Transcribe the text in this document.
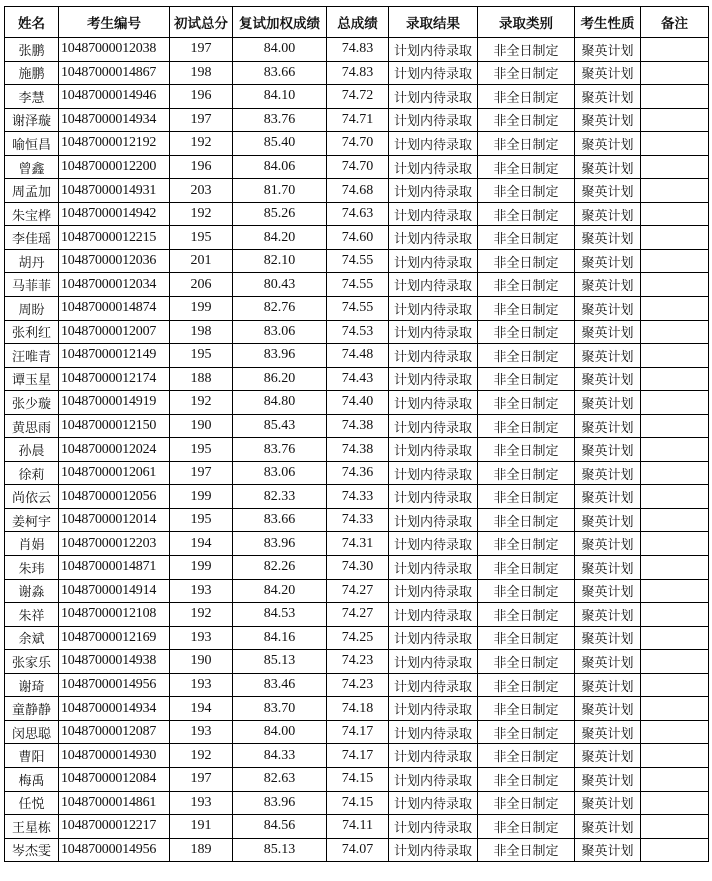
姓名	考生编号	初试总分	复试加权成绩	总成绩	录取结果	录取类别	考生性质	备注
张鹏	10487000012038	197	84.00	74.83	计划内待录取	非全日制定	聚英计划	
施鹏	10487000014867	198	83.66	74.83	计划内待录取	非全日制定	聚英计划	
李慧	10487000014946	196	84.10	74.72	计划内待录取	非全日制定	聚英计划	
谢泽璇	10487000014934	197	83.76	74.71	计划内待录取	非全日制定	聚英计划	
喻恒昌	10487000012192	192	85.40	74.70	计划内待录取	非全日制定	聚英计划	
曾鑫	10487000012200	196	84.06	74.70	计划内待录取	非全日制定	聚英计划	
周孟加	10487000014931	203	81.70	74.68	计划内待录取	非全日制定	聚英计划	
朱宝桦	10487000014942	192	85.26	74.63	计划内待录取	非全日制定	聚英计划	
李佳瑶	10487000012215	195	84.20	74.60	计划内待录取	非全日制定	聚英计划	
胡丹	10487000012036	201	82.10	74.55	计划内待录取	非全日制定	聚英计划	
马菲菲	10487000012034	206	80.43	74.55	计划内待录取	非全日制定	聚英计划	
周盼	10487000014874	199	82.76	74.55	计划内待录取	非全日制定	聚英计划	
张利红	10487000012007	198	83.06	74.53	计划内待录取	非全日制定	聚英计划	
汪唯青	10487000012149	195	83.96	74.48	计划内待录取	非全日制定	聚英计划	
谭玉星	10487000012174	188	86.20	74.43	计划内待录取	非全日制定	聚英计划	
张少璇	10487000014919	192	84.80	74.40	计划内待录取	非全日制定	聚英计划	
黄思雨	10487000012150	190	85.43	74.38	计划内待录取	非全日制定	聚英计划	
孙晨	10487000012024	195	83.76	74.38	计划内待录取	非全日制定	聚英计划	
徐莉	10487000012061	197	83.06	74.36	计划内待录取	非全日制定	聚英计划	
尚依云	10487000012056	199	82.33	74.33	计划内待录取	非全日制定	聚英计划	
姜柯宇	10487000012014	195	83.66	74.33	计划内待录取	非全日制定	聚英计划	
肖娟	10487000012203	194	83.96	74.31	计划内待录取	非全日制定	聚英计划	
朱玮	10487000014871	199	82.26	74.30	计划内待录取	非全日制定	聚英计划	
谢淼	10487000014914	193	84.20	74.27	计划内待录取	非全日制定	聚英计划	
朱祥	10487000012108	192	84.53	74.27	计划内待录取	非全日制定	聚英计划	
余斌	10487000012169	193	84.16	74.25	计划内待录取	非全日制定	聚英计划	
张家乐	10487000014938	190	85.13	74.23	计划内待录取	非全日制定	聚英计划	
谢琦	10487000014956	193	83.46	74.23	计划内待录取	非全日制定	聚英计划	
童静静	10487000014934	194	83.70	74.18	计划内待录取	非全日制定	聚英计划	
闵思聪	10487000012087	193	84.00	74.17	计划内待录取	非全日制定	聚英计划	
曹阳	10487000014930	192	84.33	74.17	计划内待录取	非全日制定	聚英计划	
梅禹	10487000012084	197	82.63	74.15	计划内待录取	非全日制定	聚英计划	
任悦	10487000014861	193	83.96	74.15	计划内待录取	非全日制定	聚英计划	
王星栋	10487000012217	191	84.56	74.11	计划内待录取	非全日制定	聚英计划	
岑杰雯	10487000014956	189	85.13	74.07	计划内待录取	非全日制定	聚英计划	
